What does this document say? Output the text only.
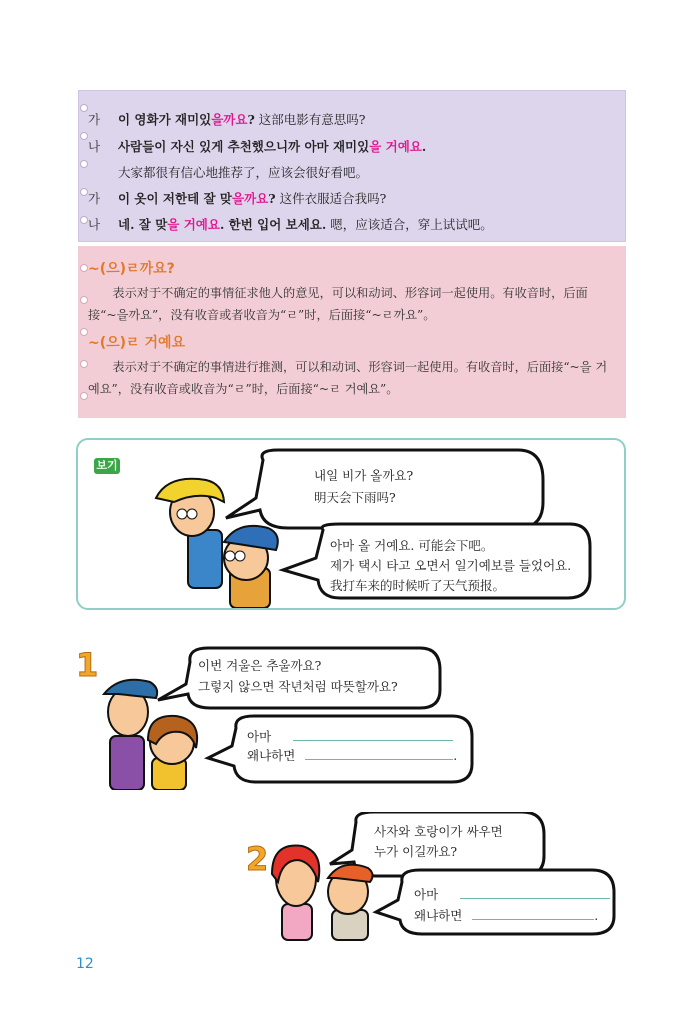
가 이 영화가 재미있을까요? 这部电影有意思吗?
나 사람들이 자신 있게 추천했으니까 아마 재미있을 거예요.
大家都很有信心地推荐了，应该会很好看吧。
가 이 옷이 저한테 잘 맞을까요? 这件衣服适合我吗?
나 네. 잘 맞을 거예요. 한번 입어 보세요. 嗯，应该适合，穿上试试吧。
~(으)ㄹ까요?
表示对于不确定的事情征求他人的意见，可以和动词、形容词一起使用。有收音时，后面接“~을까요”，没有收音或者收音为“ㄹ”时，后面接“~ㄹ까요”。
~(으)ㄹ 거예요
表示对于不确定的事情进行推测，可以和动词、形容词一起使用。有收音时，后面接“~을 거예요”，没有收音或收音为“ㄹ”时，后面接“~ㄹ 거예요”。
보기
내일 비가 올까요?
明天会下雨吗?
아마 올 거예요. 可能会下吧。
제가 택시 타고 오면서 일기예보를 들었어요.
我打车来的时候听了天气预报。
1	이번 겨울은 추울까요?
그렇지 않으면 작년처럼 따뜻할까요?
아마
왜냐하면	.
2
사자와 호랑이가 싸우면
누가 이길까요?
아마
왜냐하면	.
12
